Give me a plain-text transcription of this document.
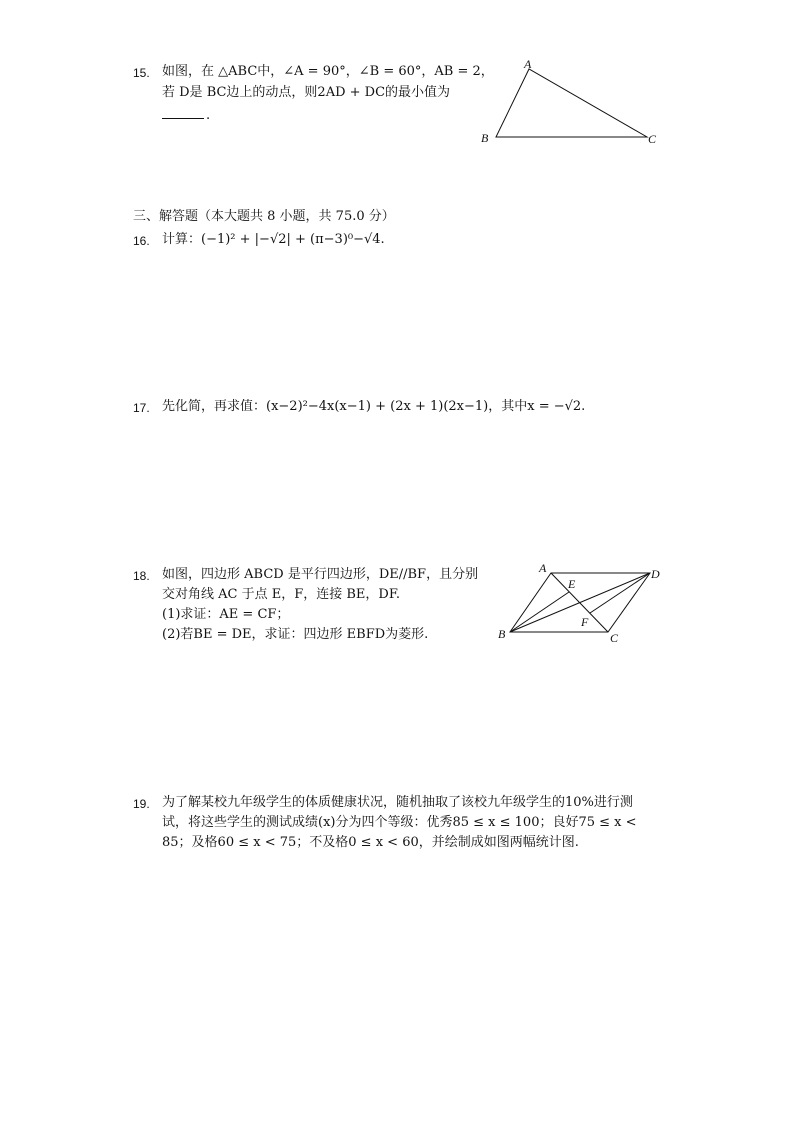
15. 如图，在 △ABC中，∠A = 90°，∠B = 60°，AB = 2，
若 D是 BC边上的动点，则2AD + DC的最小值为
.
A
B	C
三、解答题（本大题共 8 小题，共 75.0 分）
16. 计算：(−1)² + |−√2| + (π−3)⁰−√4.
17. 先化简，再求值：(x−2)²−4x(x−1) + (2x + 1)(2x−1)，其中x = −√2.
18. 如图，四边形 ABCD 是平行四边形，DE//BF，且分别
交对角线 AC 于点 E，F，连接 BE，DF.
(1)求证：AE = CF；
(2)若BE = DE，求证：四边形 EBFD为菱形.
A	D
E
F
B	C
19. 为了解某校九年级学生的体质健康状况，随机抽取了该校九年级学生的10%进行测
试，将这些学生的测试成绩(x)分为四个等级：优秀85 ≤ x ≤ 100；良好75 ≤ x <
85；及格60 ≤ x < 75；不及格0 ≤ x < 60，并绘制成如图两幅统计图.
